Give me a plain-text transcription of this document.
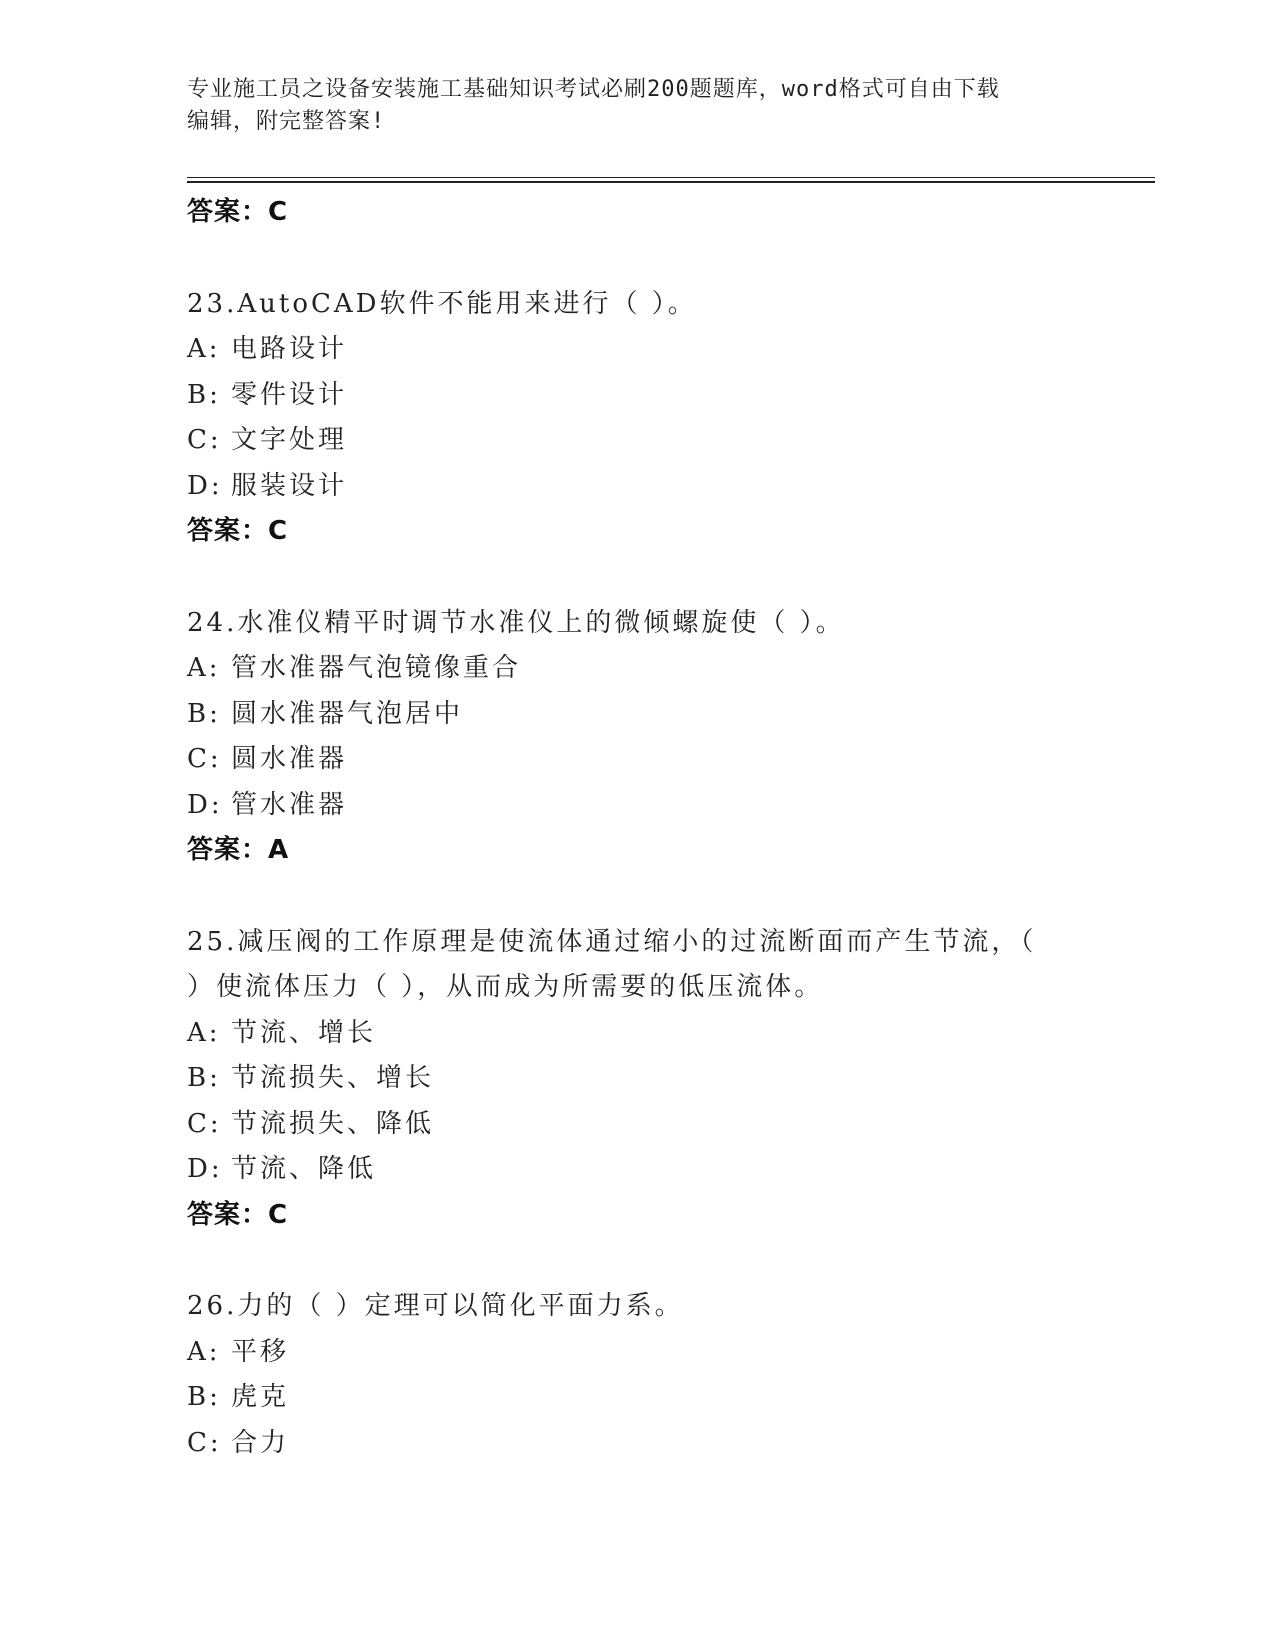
专业施工员之设备安装施工基础知识考试必刷200题题库，word格式可自由下载
编辑，附完整答案!
答案：C
23.AutoCAD软件不能用来进行（ ）。
A: 电路设计
B: 零件设计
C: 文字处理
D: 服装设计
答案：C
24.水准仪精平时调节水准仪上的微倾螺旋使（ ）。
A: 管水准器气泡镜像重合
B: 圆水准器气泡居中
C: 圆水准器
D: 管水准器
答案：A
25.减压阀的工作原理是使流体通过缩小的过流断面而产生节流，（
）使流体压力（ ），从而成为所需要的低压流体。
A: 节流、增长
B: 节流损失、增长
C: 节流损失、降低
D: 节流、降低
答案：C
26.力的（ ）定理可以简化平面力系。
A: 平移
B: 虎克
C: 合力
